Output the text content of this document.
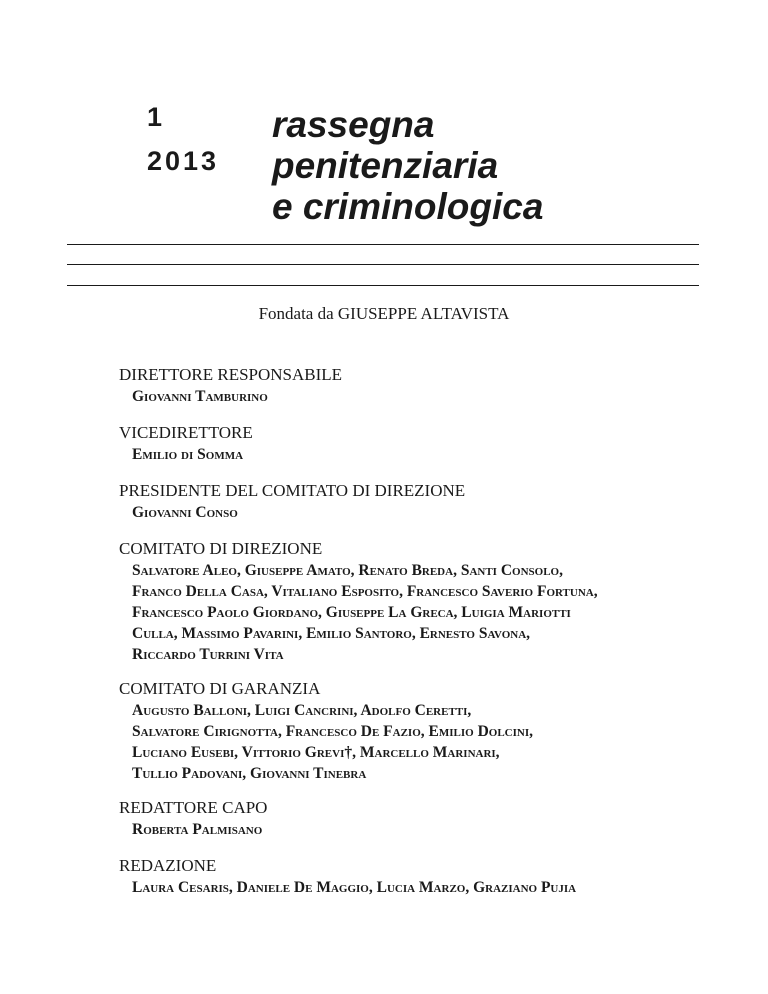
1
2013
rassegna
penitenziaria
e criminologica
Fondata da GIUSEPPE ALTAVISTA
DIRETTORE RESPONSABILE
Giovanni Tamburino
VICEDIRETTORE
Emilio di Somma
PRESIDENTE DEL COMITATO DI DIREZIONE
Giovanni Conso
COMITATO DI DIREZIONE
Salvatore Aleo, Giuseppe Amato, Renato Breda, Santi Consolo,
Franco Della Casa, Vitaliano Esposito, Francesco Saverio Fortuna,
Francesco Paolo Giordano, Giuseppe La Greca, Luigia Mariotti
Culla, Massimo Pavarini, Emilio Santoro, Ernesto Savona,
Riccardo Turrini Vita
COMITATO DI GARANZIA
Augusto Balloni, Luigi Cancrini, Adolfo Ceretti,
Salvatore Cirignotta, Francesco De Fazio, Emilio Dolcini,
Luciano Eusebi, Vittorio Grevi†, Marcello Marinari,
Tullio Padovani, Giovanni Tinebra
REDATTORE CAPO
Roberta Palmisano
REDAZIONE
Laura Cesaris, Daniele De Maggio, Lucia Marzo, Graziano Pujia
